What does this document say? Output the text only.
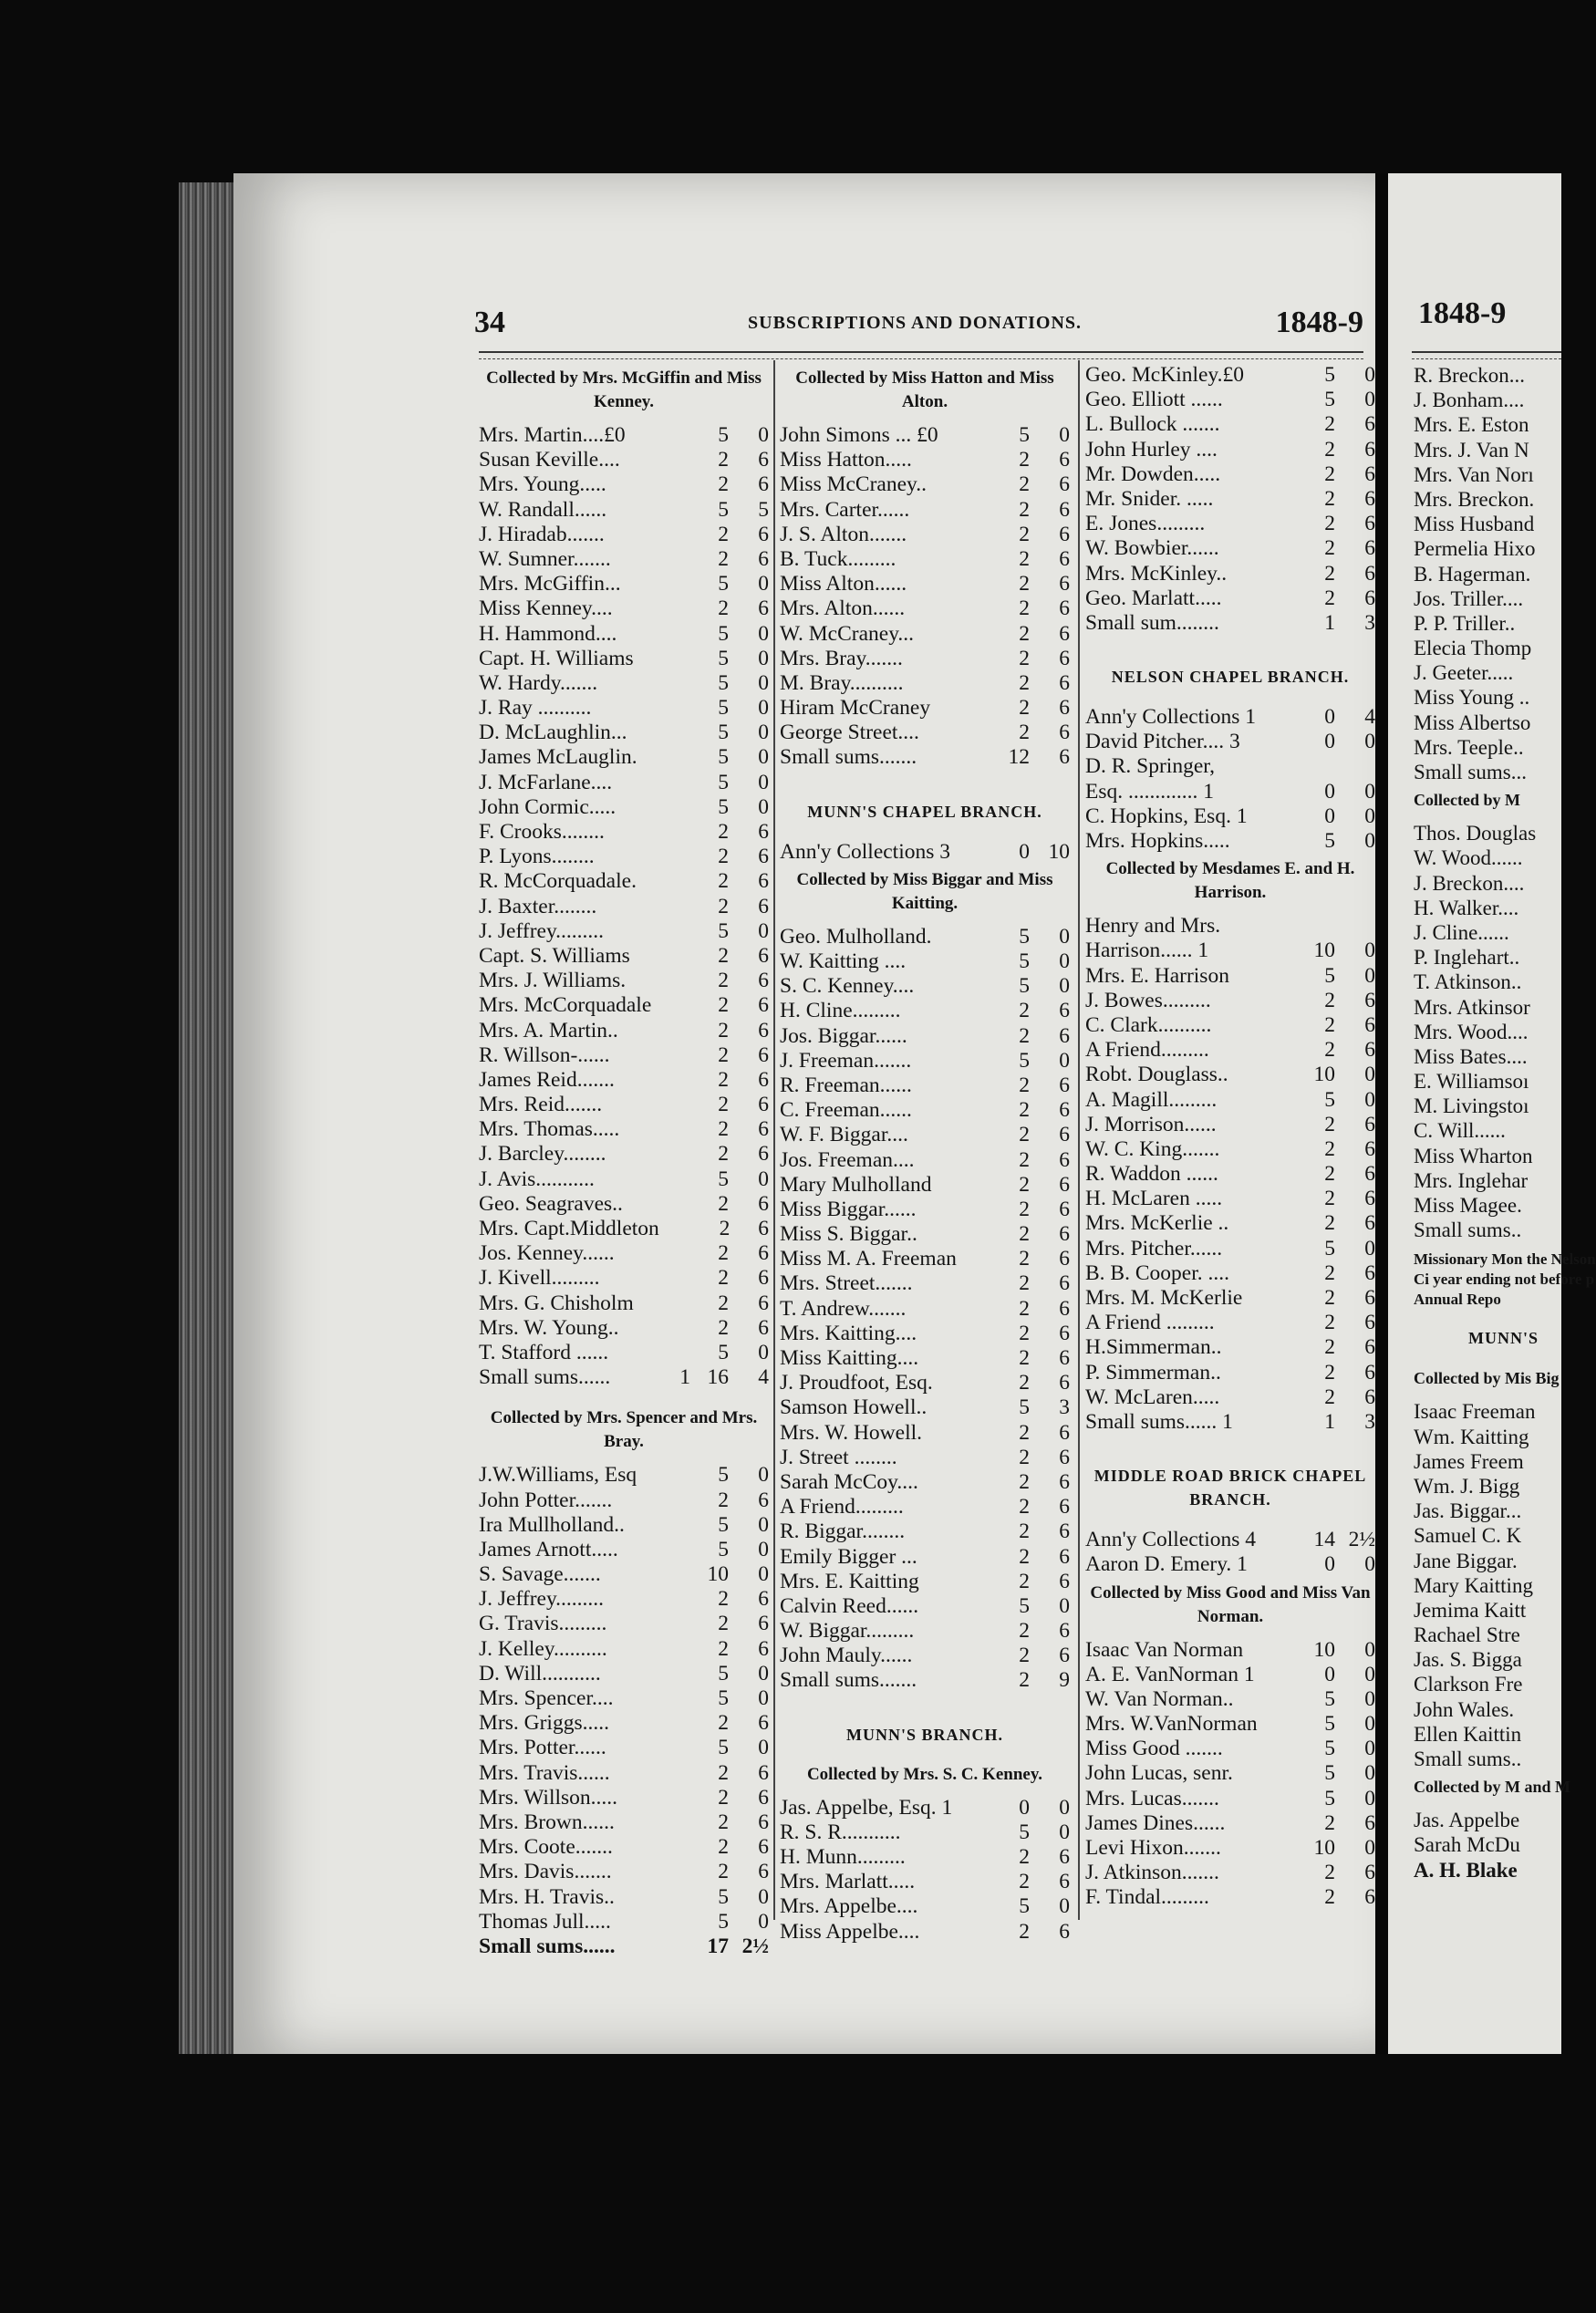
34	SUBSCRIPTIONS AND DONATIONS.	1848-9
Collected by Mrs. McGiffin and Miss Kenney.
Mrs. Martin....£0	5	0
Susan Keville....	2	6
Mrs. Young.....	2	6
W. Randall......	5	5
J. Hiradab.......	2	6
W. Sumner.......	2	6
Mrs. McGiffin...	5	0
Miss Kenney....	2	6
H. Hammond....	5	0
Capt. H. Williams	5	0
W. Hardy.......	5	0
J. Ray ..........	5	0
D. McLaughlin...	5	0
James McLauglin.	5	0
J. McFarlane....	5	0
John Cormic.....	5	0
F. Crooks........	2	6
P. Lyons........	2	6
R. McCorquadale.	2	6
J. Baxter........	2	6
J. Jeffrey.........	5	0
Capt. S. Williams	2	6
Mrs. J. Williams.	2	6
Mrs. McCorquadale	2	6
Mrs. A. Martin..	2	6
R. Willson-......	2	6
James Reid.......	2	6
Mrs. Reid.......	2	6
Mrs. Thomas.....	2	6
J. Barcley........	2	6
J. Avis...........	5	0
Geo. Seagraves..	2	6
Mrs. Capt.Middleton	2	6
Jos. Kenney......	2	6
J. Kivell.........	2	6
Mrs. G. Chisholm	2	6
Mrs. W. Young..	2	6
T. Stafford ......	5	0
Small sums......	1 16	4
Collected by Mrs. Spencer and Mrs. Bray.
J.W.Williams, Esq	5	0
John Potter.......	2	6
Ira Mullholland..	5	0
James Arnott.....	5	0
S. Savage.......	10	0
J. Jeffrey.........	2	6
G. Travis.........	2	6
J. Kelley..........	2	6
D. Will...........	5	0
Mrs. Spencer....	5	0
Mrs. Griggs.....	2	6
Mrs. Potter......	5	0
Mrs. Travis......	2	6
Mrs. Willson.....	2	6
Mrs. Brown......	2	6
Mrs. Coote.......	2	6
Mrs. Davis.......	2	6
Mrs. H. Travis..	5	0
Thomas Jull.....	5	0
Small sums......	17 2½
Collected by Miss Hatton and Miss Alton.
John Simons ... £0	5	0
Miss Hatton.....	2	6
Miss McCraney..	2	6
Mrs. Carter......	2	6
J. S. Alton.......	2	6
B. Tuck.........	2	6
Miss Alton......	2	6
Mrs. Alton......	2	6
W. McCraney...	2	6
Mrs. Bray.......	2	6
M. Bray..........	2	6
Hiram McCraney	2	6
George Street....	2	6
Small sums.......	12	6
MUNN'S CHAPEL BRANCH.
Ann'y Collections 3	0 10
Collected by Miss Biggar and Miss Kaitting.
Geo. Mulholland.	5	0
W. Kaitting ....	5	0
S. C. Kenney....	5	0
H. Cline.........	2	6
Jos. Biggar......	2	6
J. Freeman.......	5	0
R. Freeman......	2	6
C. Freeman......	2	6
W. F. Biggar....	2	6
Jos. Freeman....	2	6
Mary Mulholland	2	6
Miss Biggar......	2	6
Miss S. Biggar..	2	6
Miss M. A. Freeman	2	6
Mrs. Street.......	2	6
T. Andrew.......	2	6
Mrs. Kaitting....	2	6
Miss Kaitting....	2	6
J. Proudfoot, Esq.	2	6
Samson Howell..	5	3
Mrs. W. Howell.	2	6
J. Street ........	2	6
Sarah McCoy....	2	6
A Friend.........	2	6
R. Biggar........	2	6
Emily Bigger ...	2	6
Mrs. E. Kaitting	2	6
Calvin Reed......	5	0
W. Biggar.........	2	6
John Mauly......	2	6
Small sums.......	2	9
MUNN'S BRANCH.
Collected by Mrs. S. C. Kenney.
Jas. Appelbe, Esq. 1	0	0
R. S. R...........	5	0
H. Munn.........	2	6
Mrs. Marlatt.....	2	6
Mrs. Appelbe....	5	0
Miss Appelbe....	2	6
Geo. McKinley.£0	5	0
Geo. Elliott ......	5	0
L. Bullock .......	2	6
John Hurley ....	2	6
Mr. Dowden.....	2	6
Mr. Snider. .....	2	6
E. Jones.........	2	6
W. Bowbier......	2	6
Mrs. McKinley..	2	6
Geo. Marlatt.....	2	6
Small sum........	1	3
NELSON CHAPEL BRANCH.
Ann'y Collections 1	0	4
David Pitcher.... 3	0	0
D. R. Springer,
Esq. ............. 1	0	0
C. Hopkins, Esq. 1	0	0
Mrs. Hopkins.....	5	0
Collected by Mesdames E. and H. Harrison.
Henry and Mrs.
Harrison...... 1	10	0
Mrs. E. Harrison	5	0
J. Bowes.........	2	6
C. Clark..........	2	6
A Friend.........	2	6
Robt. Douglass..	10	0
A. Magill.........	5	0
J. Morrison......	2	6
W. C. King.......	2	6
R. Waddon ......	2	6
H. McLaren .....	2	6
Mrs. McKerlie ..	2	6
Mrs. Pitcher......	5	0
B. B. Cooper. ....	2	6
Mrs. M. McKerlie	2	6
A Friend .........	2	6
H.Simmerman..	2	6
P. Simmerman..	2	6
W. McLaren.....	2	6
Small sums...... 1	1	3
MIDDLE ROAD BRICK CHAPEL BRANCH.
Ann'y Collections 4	14 2½
Aaron D. Emery. 1	0	0
Collected by Miss Good and Miss Van Norman.
Isaac Van Norman	10	0
A. E. VanNorman 1	0	0
W. Van Norman..	5	0
Mrs. W.VanNorman	5	0
Miss Good .......	5	0
John Lucas, senr.	5	0
Mrs. Lucas.......	5	0
James Dines......	2	6
Levi Hixon.......	10	0
J. Atkinson.......	2	6
F. Tindal.........	2	6
1848-9
R. Breckon...
J. Bonham....
Mrs. E. Eston
Mrs. J. Van N
Mrs. Van Norı
Mrs. Breckon.
Miss Husband
Permelia Hixo
B. Hagerman.
Jos. Triller....
P. P. Triller..
Elecia Thomp
J. Geeter.....
Miss Young ..
Miss Albertso
Mrs. Teeple..
Small sums...
Collected by M
Thos. Douglas
W. Wood......
J. Breckon....
H. Walker....
J. Cline......
P. Inglehart..
T. Atkinson..
Mrs. Atkinsor
Mrs. Wood....
Miss Bates....
E. Williamsoı
M. Livingstoı
C. Will......
Miss Wharton
Mrs. Inglehar
Miss Magee.
Small sums..
Missionary Mon the Nelson Ci year ending not before p Annual Repo
MUNN'S
Collected by Mis Big
Isaac Freeman
Wm. Kaitting
James Freem
Wm. J. Bigg
Jas. Biggar...
Samuel C. K
Jane Biggar.
Mary Kaitting
Jemima Kaitt
Rachael Stre
Jas. S. Bigga
Clarkson Fre
John Wales.
Ellen Kaittin
Small sums..
Collected by M and M
Jas. Appelbe
Sarah McDu
A. H. Blake
